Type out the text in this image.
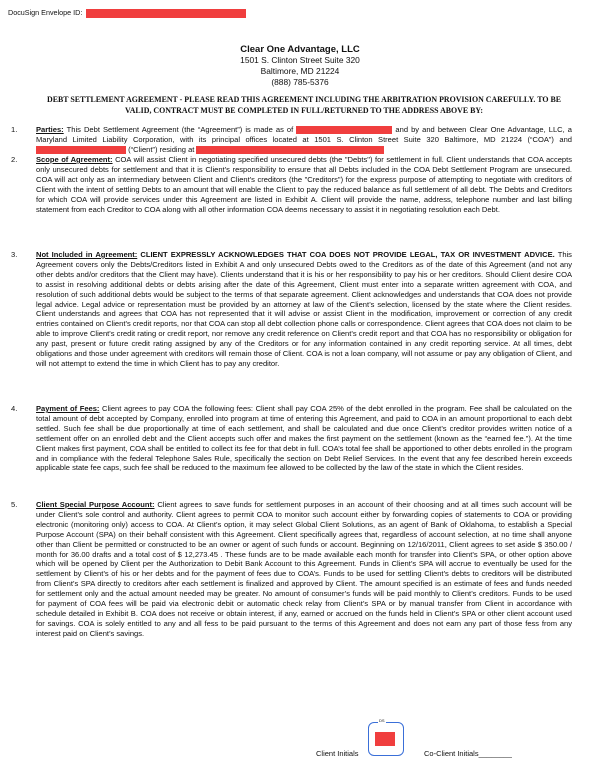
DocuSign Envelope ID:
Clear One Advantage, LLC
1501 S. Clinton Street Suite 320
Baltimore, MD 21224
(888) 785-5376
DEBT SETTLEMENT AGREEMENT - PLEASE READ THIS AGREEMENT INCLUDING THE ARBITRATION PROVISION CAREFULLY. TO BE VALID, CONTRACT MUST BE COMPLETED IN FULL/RETURNED TO THE ADDRESS ABOVE BY:
1. Parties: This Debt Settlement Agreement (the “Agreement”) is made as of	and by and between Clear One Advantage, LLC, a Maryland Limited Liability Corporation, with its principal offices located at 1501 S. Clinton Street Suite 320 Baltimore, MD 21224 (“COA”) and  (“Client”) residing at
2. Scope of Agreement: COA will assist Client in negotiating specified unsecured debts (the "Debts") for settlement in full. Client understands that COA accepts only unsecured debts for settlement and that it is Client’s responsibility to ensure that all Debts included in the COA Debt Settlement Program are unsecured. COA will act only as an intermediary between Client and Client's creditors (the "Creditors") for the express purpose of attempting to negotiate with creditors of Client with the intent of settling Debts to an amount that will enable the Client to pay the reduced balance as full settlement of all debt. The Debts and Creditors for which COA will provide services under this Agreement are listed in Exhibit A. Client will provide the name, address, telephone number and last billing statement from each Creditor to COA along with all other information COA deems necessary to assist it in negotiating resolution each Debt.
3. Not Included in Agreement: CLIENT EXPRESSLY ACKNOWLEDGES THAT COA DOES NOT PROVIDE LEGAL, TAX OR INVESTMENT ADVICE. This Agreement covers only the Debts/Creditors listed in Exhibit A and only unsecured Debts owed to the Creditors as of the date of this Agreement (and not any other debts and/or creditors that the Client may have). Clients understand that it is his or her responsibility to pay his or her creditors. Should Client desire COA to assist in resolving additional debts or debts arising after the date of this Agreement, Client must enter into a separate written agreement with COA, and resolution of such additional debts would be subject to the terms of that separate agreement. Client acknowledges and understands that COA does not provide legal advice. Legal advice or representation must be provided by an attorney at law of the Client’s selection, licensed by the state where the Client resides. Client understands and agrees that COA has not represented that it will advise or assist Client in the modification, improvement or correction of any credit entries contained on Client’s credit reports, nor that COA can stop all debt collection phone calls or correspondence. Client agrees that COA does not claim to be able to improve Client's credit rating or credit report, nor remove any credit reference on Client’s credit report and that COA has no responsibility or obligation for any past, present or future credit rating assigned by any of the Creditors or for any information contained in any credit reporting service. At all times, debt obligations and those under agreement with creditors will remain those of Client. COA is not a loan company, will not assume or pay any obligation of Client, and will not attempt to extend the time in which Client has to pay any creditor.
4. Payment of Fees: Client agrees to pay COA the following fees: Client shall pay COA 25% of the debt enrolled in the program. Fee shall be calculated on the total amount of debt accepted by Company, enrolled into program at time of entering this Agreement, and paid to COA in an amount proportional to each debt settled. Such fee shall be due proportionally at time of each settlement, and shall be calculated and due once Client’s creditor provides written notice of a settlement offer on an enrolled debt and the Client accepts such offer and makes the first payment on the settlement (known as the “earned fee.”). At the time Client makes first payment, COA shall be entitled to collect its fee for that debt in full. COA’s total fee shall be apportioned to other debts enrolled in the program and in compliance with the federal Telephone Sales Rule, specifically the section on Debt Relief Services. In the event that any fee described herein exceeds applicable state fee caps, such fee shall be reduced to the maximum fee allowed to be collected by the law of the state in which the Client resides.
5. Client Special Purpose Account: Client agrees to save funds for settlement purposes in an account of their choosing and at all times such account will be under Client’s sole control and authority. Client agrees to permit COA to monitor such account either by forwarding copies of statements to COA or providing electronic (monitoring only) access to COA. At Client’s option, it may select Global Client Solutions, as an agent of Bank of Oklahoma, to establish a Special Purpose Account (SPA) on their behalf consistent with this Agreement. Client specifically agrees that, regardless of account selection, at no time shall anyone other than Client be permitted or constructed to be an owner or agent of such funds or account. Beginning on 12/16/2011, Client agrees to set aside $ 350.00 / month for 36.00 drafts and a total cost of $ 12,273.45 . These funds are to be made available each month for transfer into Client’s SPA, or other option above which will be opened by Client per the Authorization to Debit Bank Account to this Agreement. Funds in Client’s SPA will accrue to eventually be used for the settlement by Client’s of his or her debts and for the payment of fees due to COA’s. Funds to be used for settling Client’s debts to creditors will be distributed from Client’s SPA directly to creditors after each settlement is finalized and approved by Client. The amount specified is an estimate of fees and funds needed for settlement only and the actual amount needed may be greater. No amount of consumer’s funds will be paid monthly to Client’s creditors. Funds to be used for payment of COA fees will be paid via electronic debit or automatic check relay from Client’s SPA or by manual transfer from Client in accordance with schedule detailed in Exhibit B. COA does not receive or obtain interest, if any, earned or accrued on the funds held in Client’s SPA or other client account used for savings. COA is solely entitled to any and all fess to be paid pursuant to the terms of this Agreement and does not earn any part of those fess from any interest paid on Client’s savings.
DS
Client Initials	Co-Client Initials________
